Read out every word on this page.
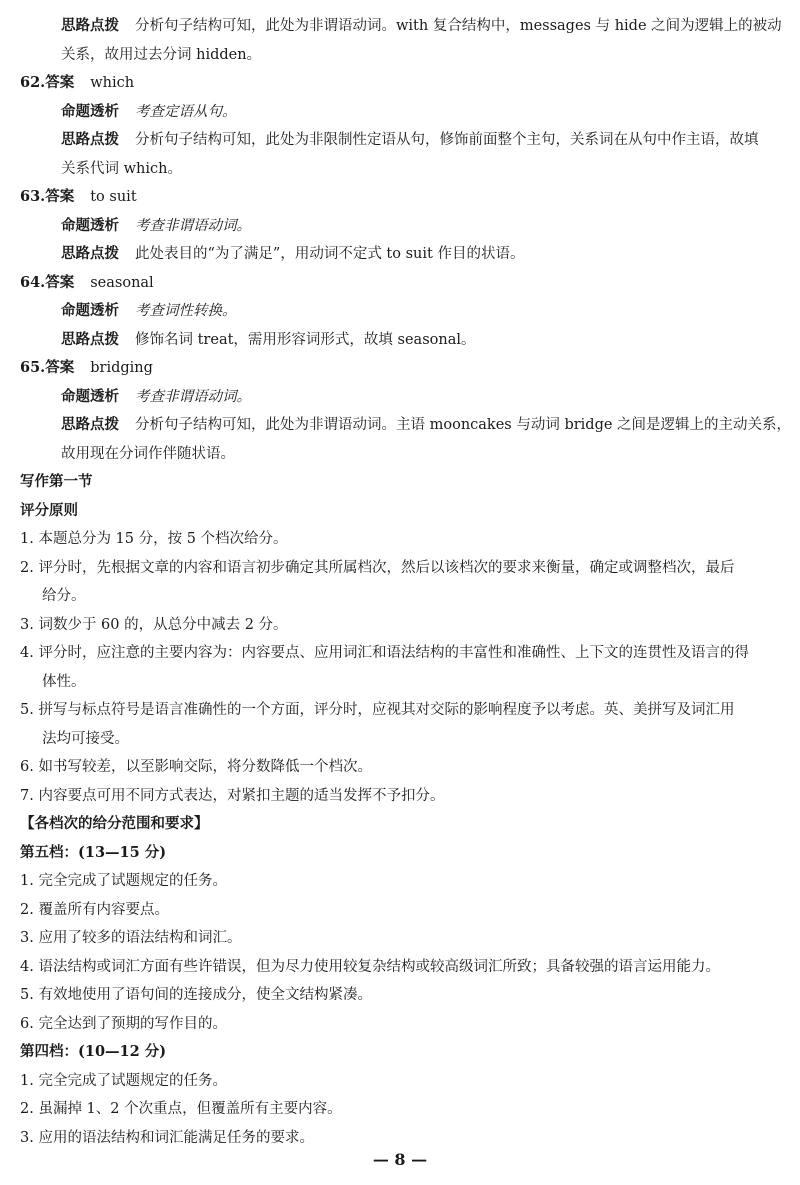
思路点拨 分析句子结构可知，此处为非谓语动词。with 复合结构中，messages 与 hide 之间为逻辑上的被动
关系，故用过去分词 hidden。
62.答案 which
命题透析 考查定语从句。
思路点拨 分析句子结构可知，此处为非限制性定语从句，修饰前面整个主句，关系词在从句中作主语，故填
关系代词 which。
63.答案 to suit
命题透析 考查非谓语动词。
思路点拨 此处表目的“为了满足”，用动词不定式 to suit 作目的状语。
64.答案 seasonal
命题透析 考查词性转换。
思路点拨 修饰名词 treat，需用形容词形式，故填 seasonal。
65.答案 bridging
命题透析 考查非谓语动词。
思路点拨 分析句子结构可知，此处为非谓语动词。主语 mooncakes 与动词 bridge 之间是逻辑上的主动关系，
故用现在分词作伴随状语。
写作第一节
评分原则
1. 本题总分为 15 分，按 5 个档次给分。
2. 评分时，先根据文章的内容和语言初步确定其所属档次，然后以该档次的要求来衡量，确定或调整档次，最后
给分。
3. 词数少于 60 的，从总分中减去 2 分。
4. 评分时，应注意的主要内容为：内容要点、应用词汇和语法结构的丰富性和准确性、上下文的连贯性及语言的得
体性。
5. 拼写与标点符号是语言准确性的一个方面，评分时，应视其对交际的影响程度予以考虑。英、美拼写及词汇用
法均可接受。
6. 如书写较差，以至影响交际，将分数降低一个档次。
7. 内容要点可用不同方式表达，对紧扣主题的适当发挥不予扣分。
【各档次的给分范围和要求】
第五档：(13—15 分)
1. 完全完成了试题规定的任务。
2. 覆盖所有内容要点。
3. 应用了较多的语法结构和词汇。
4. 语法结构或词汇方面有些许错误，但为尽力使用较复杂结构或较高级词汇所致；具备较强的语言运用能力。
5. 有效地使用了语句间的连接成分，使全文结构紧凑。
6. 完全达到了预期的写作目的。
第四档：(10—12 分)
1. 完全完成了试题规定的任务。
2. 虽漏掉 1、2 个次重点，但覆盖所有主要内容。
3. 应用的语法结构和词汇能满足任务的要求。
— 8 —
